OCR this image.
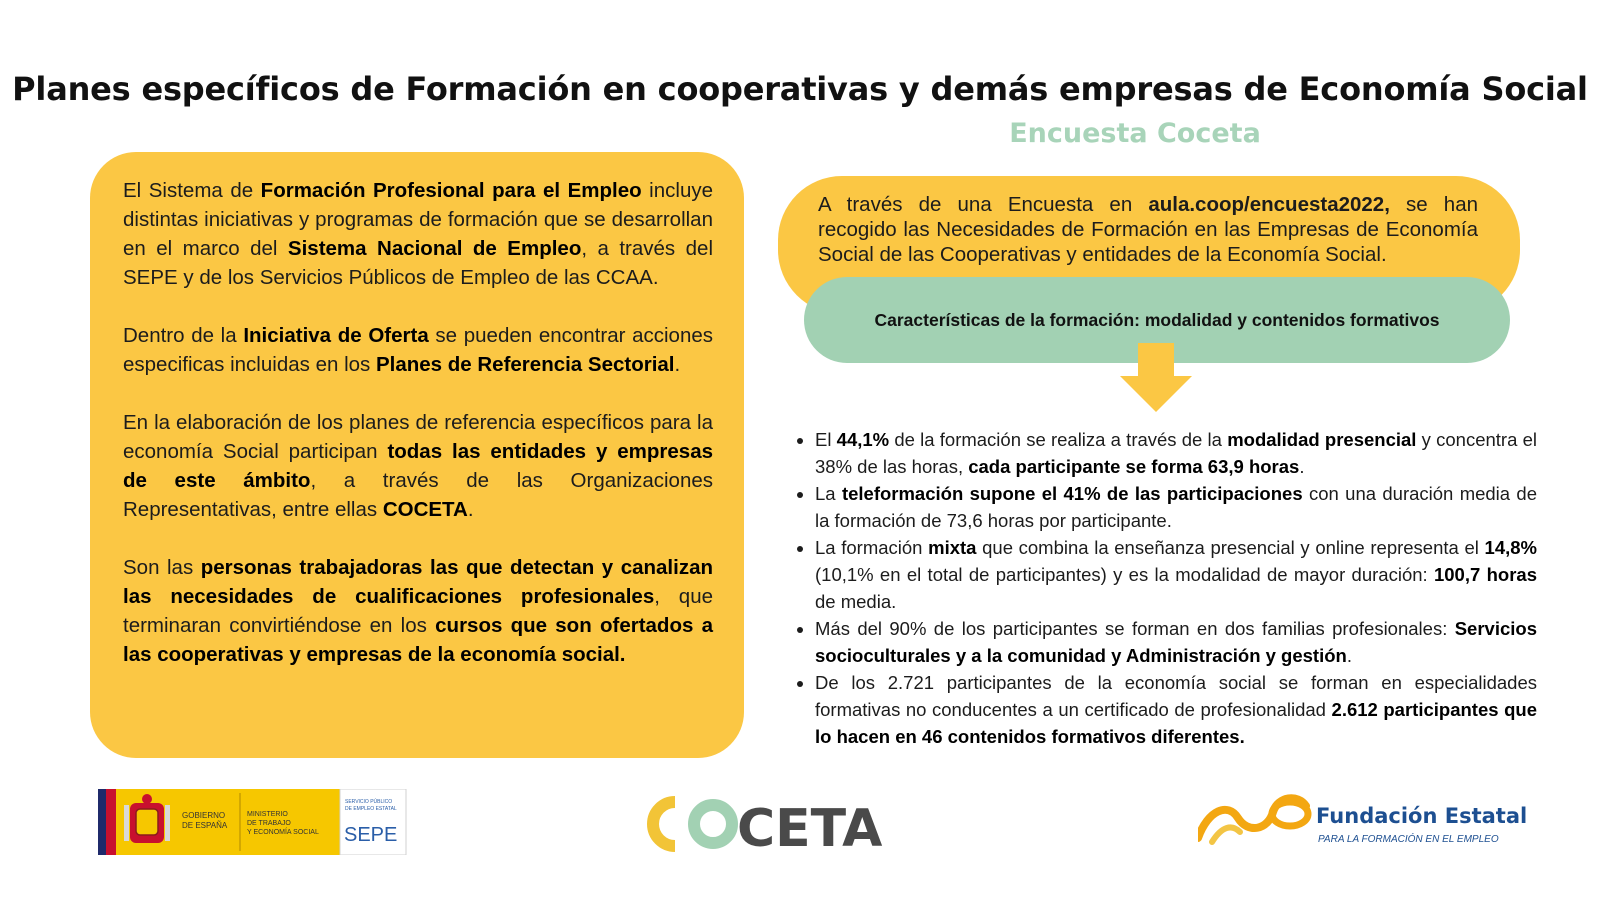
Planes específicos de Formación en cooperativas y demás empresas de Economía Social
Encuesta Coceta

El Sistema de Formación Profesional para el Empleo incluye distintas iniciativas y programas de formación que se desarrollan en el marco del Sistema Nacional de Empleo, a través del SEPE y de los Servicios Públicos de Empleo de las CCAA.

Dentro de la Iniciativa de Oferta se pueden encontrar acciones especificas incluidas en los Planes de Referencia Sectorial.

En la elaboración de los planes de referencia específicos para la economía Social participan todas las entidades y empresas de este ámbito, a través de las Organizaciones Representativas, entre ellas COCETA.

Son las personas trabajadoras las que detectan y canalizan las necesidades de cualificaciones profesionales, que terminaran convirtiéndose en los cursos que son ofertados a las cooperativas y empresas de la economía social.

A través de una Encuesta en aula.coop/encuesta2022, se han recogido las Necesidades de Formación en las Empresas de Economía Social de las Cooperativas y entidades de la Economía Social.
Características de la formación: modalidad y contenidos formativos
• El 44,1% de la formación se realiza a través de la modalidad presencial y concentra el 38% de las horas, cada participante se forma 63,9 horas.
• La teleformación supone el 41% de las participaciones con una duración media de la formación de 73,6 horas por participante.
• La formación mixta que combina la enseñanza presencial y online representa el 14,8% (10,1% en el total de participantes) y es la modalidad de mayor duración: 100,7 horas de media.
• Más del 90% de los participantes se forman en dos familias profesionales: Servicios socioculturales y a la comunidad y Administración y gestión.
• De los 2.721 participantes de la economía social se forman en especialidades formativas no conducentes a un certificado de profesionalidad 2.612 participantes que lo hacen en 46 contenidos formativos diferentes.
GOBIERNO
DE ESPAÑA
MINISTERIO
DE TRABAJO
Y ECONOMÍA SOCIAL
SERVICIO PÚBLICO
DE EMPLEO ESTATAL
SEPE	CETA	Fundación Estatal
PARA LA FORMACIÓN EN EL EMPLEO
